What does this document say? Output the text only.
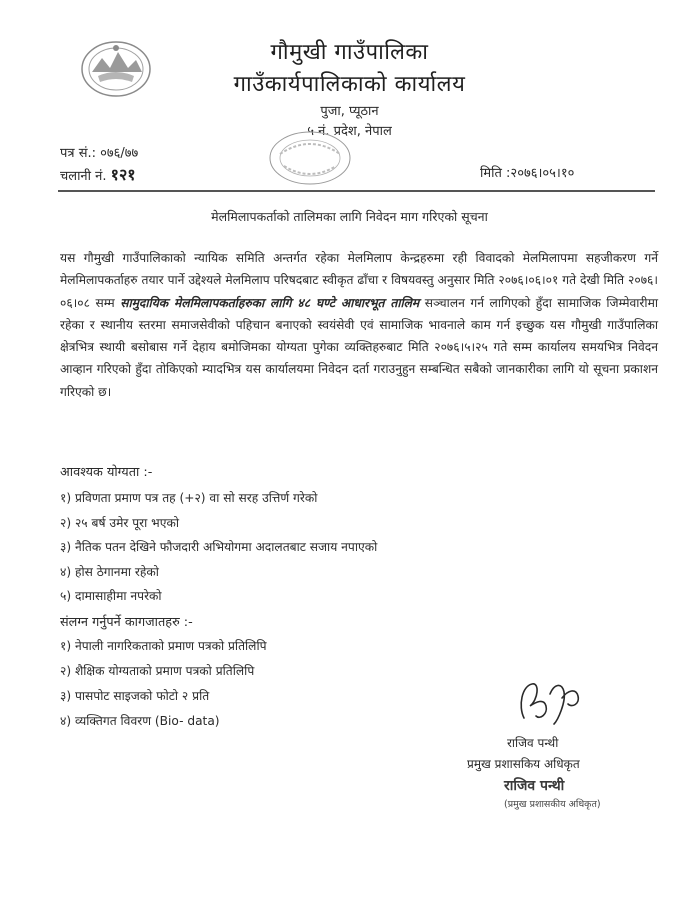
गौमुखी गाउँपालिका
गाउँकार्यपालिकाको कार्यालय
पुजा, प्यूठान
५ नं. प्रदेश, नेपाल
पत्र सं.: ०७६/७७
चलानी नं. १२१	मिति :२०७६।०५।१०
मेलमिलापकर्ताको तालिमका लागि निवेदन माग गरिएको सूचना
यस गौमुखी गाउँपालिकाको न्यायिक समिति अन्तर्गत रहेका मेलमिलाप केन्द्रहरुमा रही विवादको मेलमिलापमा सहजीकरण गर्ने मेलमिलापकर्ताहरु तयार पार्ने उद्देश्यले मेलमिलाप परिषदबाट स्वीकृत ढाँचा र विषयवस्तु अनुसार मिति २०७६।०६।०१ गते देखी मिति २०७६।०६।०८ सम्म सामुदायिक मेलमिलापकर्ताहरुका लागि ४८ घण्टे आधारभूत तालिम सञ्चालन गर्न लागिएको हुँदा सामाजिक जिम्मेवारीमा रहेका र स्थानीय स्तरमा समाजसेवीको पहिचान बनाएको स्वयंसेवी एवं सामाजिक भावनाले काम गर्न इच्छुक यस गौमुखी गाउँपालिका क्षेत्रभित्र स्थायी बसोबास गर्ने देहाय बमोजिमका योग्यता पुगेका व्यक्तिहरुबाट मिति २०७६।५।२५ गते सम्म कार्यालय समयभित्र निवेदन आव्हान गरिएको हुँदा तोकिएको म्यादभित्र यस कार्यालयमा निवेदन दर्ता गराउनुहुन सम्बन्धित सबैको जानकारीका लागि यो सूचना प्रकाशन गरिएको छ।
आवश्यक योग्यता :-
१) प्रविणता प्रमाण पत्र तह (+२) वा सो सरह उत्तिर्ण गरेको
२) २५ बर्ष उमेर पूरा भएको
३) नैतिक पतन देखिने फौजदारी अभियोगमा अदालतबाट सजाय नपाएको
४) होस ठेगानमा रहेको
५) दामासाहीमा नपरेको
संलग्न गर्नुपर्ने कागजातहरु :-
१) नेपाली नागरिकताको प्रमाण पत्रको प्रतिलिपि
२) शैक्षिक योग्यताको प्रमाण पत्रको प्रतिलिपि
३) पासपोट साइजको फोटो २ प्रति
४) व्यक्तिगत विवरण (Bio- data)
राजिव पन्थी
प्रमुख प्रशासकिय अधिकृत
राजिव पन्थी
(प्रमुख प्रशासकीय अधिकृत)
